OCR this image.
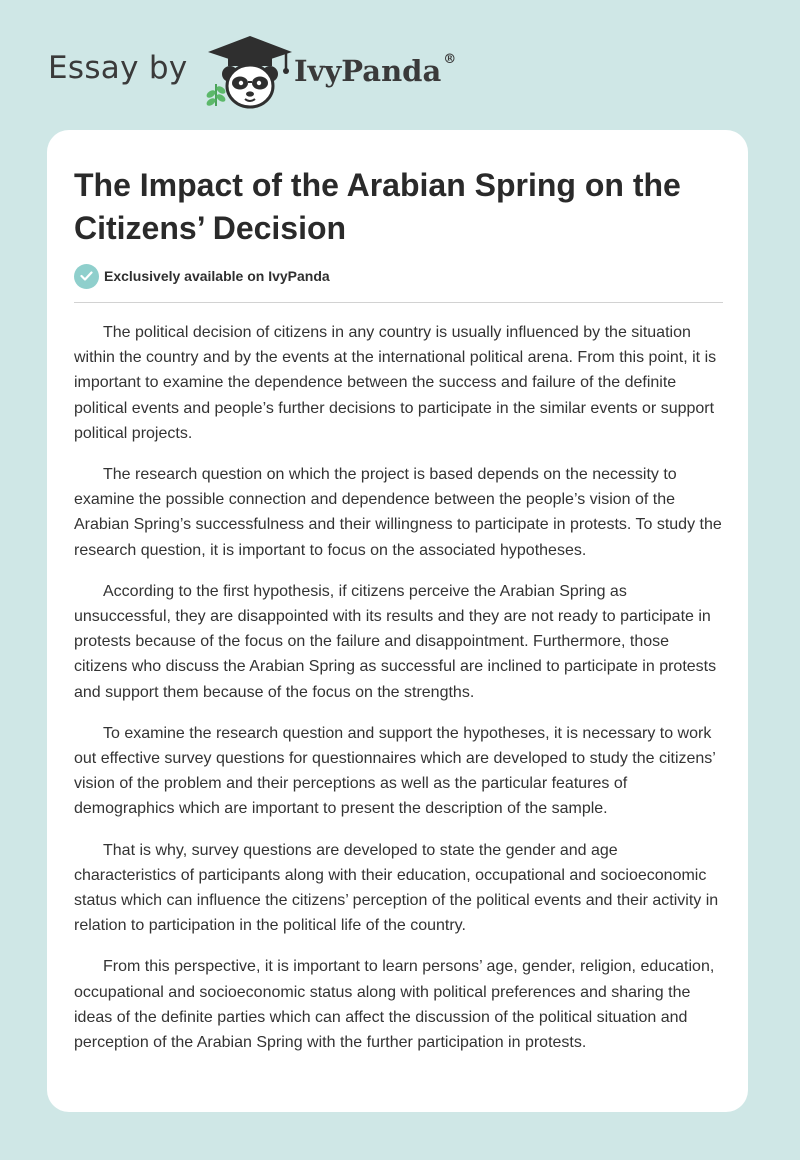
Essay by	IvyPanda ®
The Impact of the Arabian Spring on the Citizens’ Decision
Exclusively available on IvyPanda

The political decision of citizens in any country is usually influenced by the situation within the country and by the events at the international political arena. From this point, it is important to examine the dependence between the success and failure of the definite political events and people’s further decisions to participate in the similar events or support political projects.

The research question on which the project is based depends on the necessity to examine the possible connection and dependence between the people’s vision of the Arabian Spring’s successfulness and their willingness to participate in protests. To study the research question, it is important to focus on the associated hypotheses.

According to the first hypothesis, if citizens perceive the Arabian Spring as unsuccessful, they are disappointed with its results and they are not ready to participate in protests because of the focus on the failure and disappointment. Furthermore, those citizens who discuss the Arabian Spring as successful are inclined to participate in protests and support them because of the focus on the strengths.

To examine the research question and support the hypotheses, it is necessary to work out effective survey questions for questionnaires which are developed to study the citizens’ vision of the problem and their perceptions as well as the particular features of demographics which are important to present the description of the sample.

That is why, survey questions are developed to state the gender and age characteristics of participants along with their education, occupational and socioeconomic status which can influence the citizens’ perception of the political events and their activity in relation to participation in the political life of the country.

From this perspective, it is important to learn persons’ age, gender, religion, education, occupational and socioeconomic status along with political preferences and sharing the ideas of the definite parties which can affect the discussion of the political situation and perception of the Arabian Spring with the further participation in protests.
